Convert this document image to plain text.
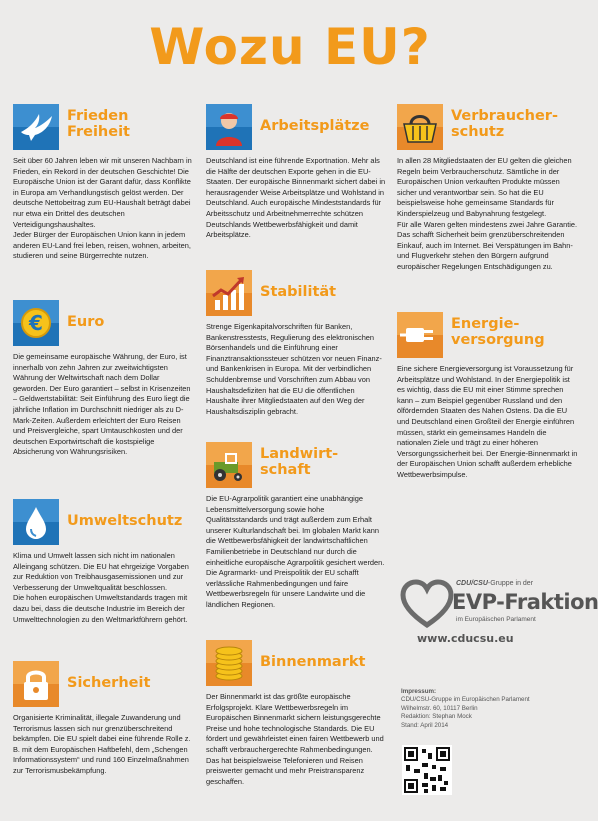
Wozu EU?
Frieden
Freiheit
Seit über 60 Jahren leben wir mit unseren Nachbarn in Frieden, ein Rekord in der deutschen Geschichte! Die Europäische Union ist der Garant dafür, dass Konflikte in Europa am Verhandlungstisch gelöst werden. Der deutsche Nettobeitrag zum EU-Haushalt beträgt dabei nur etwa ein Drittel des deutschen Verteidigungshaushaltes.
Jeder Bürger der Europäischen Union kann in jedem anderen EU-Land frei leben, reisen, wohnen, arbeiten, studieren und seine Bürgerrechte nutzen.
€ Euro
Die gemeinsame europäische Währung, der Euro, ist innerhalb von zehn Jahren zur zweitwichtigsten Währung der Weltwirtschaft nach dem Dollar geworden. Der Euro garantiert – selbst in Krisenzeiten – Geldwertstabilität: Seit Einführung des Euro liegt die jährliche Inflation im Durchschnitt niedriger als zu D-Mark-Zeiten. Außerdem erleichtert der Euro Reisen und Preisvergleiche, spart Umtauschkosten und der deutschen Exportwirtschaft die kostspielige Absicherung von Währungsrisiken.
Umweltschutz
Klima und Umwelt lassen sich nicht im nationalen Alleingang schützen. Die EU hat ehrgeizige Vorgaben zur Reduktion von Treibhausgasemissionen und zur Verbesserung der Umweltqualität beschlossen.
Die hohen europäischen Umweltstandards tragen mit dazu bei, dass die deutsche Industrie im Bereich der Umwelttechnologien zu den Weltmarktführern gehört.
Sicherheit
Organisierte Kriminalität, illegale Zuwanderung und Terrorismus lassen sich nur grenzüberschreitend bekämpfen. Die EU spielt dabei eine führende Rolle z. B. mit dem Europäischen Haftbefehl, dem „Schengen Informationssystem“ und rund 160 Einzelmaßnahmen zur Terrorismusbekämpfung.
Arbeitsplätze
Deutschland ist eine führende Exportnation. Mehr als die Hälfte der deutschen Exporte gehen in die EU-Staaten. Der europäische Binnenmarkt sichert dabei in herausragender Weise Arbeitsplätze und Wohlstand in Deutschland. Auch europäische Mindeststandards für Arbeitsschutz und Arbeitnehmerrechte schützen Deutschlands Wettbewerbsfähigkeit und damit Arbeitsplätze.
Stabilität
Strenge Eigenkapitalvorschriften für Banken, Bankenstresstests, Regulierung des elektronischen Börsenhandels und die Einführung einer Finanztransaktionssteuer schützen vor neuen Finanz- und Bankenkrisen in Europa. Mit der verbindlichen Schuldenbremse und Vorschriften zum Abbau von Haushaltsdefiziten hat die EU die öffentlichen Haushalte ihrer Mitgliedstaaten auf den Weg der Haushaltsdisziplin gebracht.
Landwirt-
schaft
Die EU-Agrarpolitik garantiert eine unabhängige Lebensmittelversorgung sowie hohe Qualitätsstandards und trägt außerdem zum Erhalt unserer Kulturlandschaft bei. Im globalen Markt kann die Wettbewerbsfähigkeit der landwirtschaftlichen Familienbetriebe in Deutschland nur durch die einheitliche europäische Agrarpolitik gesichert werden. Die Agrarmarkt- und Preispolitik der EU schafft verlässliche Rahmenbedingungen und faire Wettbewerbsregeln für unsere Landwirte und die ländlichen Regionen.
Binnenmarkt
Der Binnenmarkt ist das größte europäische Erfolgsprojekt. Klare Wettbewerbsregeln im Europäischen Binnenmarkt sichern leistungsgerechte Preise und hohe technologische Standards. Die EU fördert und gewährleistet einen fairen Wettbewerb und schafft verbrauchergerechte Rahmenbedingungen. Das hat beispielsweise Telefonieren und Reisen preiswerter gemacht und mehr Preistransparenz geschaffen.
Verbraucher-
schutz
In allen 28 Mitgliedstaaten der EU gelten die gleichen Regeln beim Verbraucherschutz. Sämtliche in der Europäischen Union verkauften Produkte müssen sicher und verantwortbar sein. So hat die EU beispielsweise hohe gemeinsame Standards für Kinderspielzeug und Babynahrung festgelegt.
Für alle Waren gelten mindestens zwei Jahre Garantie. Das schafft Sicherheit beim grenzüberschreitenden Einkauf, auch im Internet. Bei Verspätungen im Bahn- und Flugverkehr stehen den Bürgern aufgrund europäischer Regelungen Entschädigungen zu.
Energie-
versorgung
Eine sichere Energieversorgung ist Voraussetzung für Arbeitsplätze und Wohlstand. In der Energiepolitik ist es wichtig, dass die EU mit einer Stimme sprechen kann – zum Beispiel gegenüber Russland und den ölfördernden Staaten des Nahen Ostens. Da die EU und Deutschland einen Großteil der Energie einführen müssen, stärkt ein gemeinsames Handeln die nationalen Ziele und trägt zu einer höheren Versorgungssicherheit bei. Der Energie-Binnenmarkt in der Europäischen Union schafft außerdem erhebliche Wettbewerbsimpulse.
CDU/CSU-Gruppe in der
EVP-Fraktion
im Europäischen Parlament
www.cducsu.eu
Impressum:
CDU/CSU-Gruppe im Europäischen Parlament
Wilhelmstr. 60, 10117 Berlin
Redaktion: Stephan Mock
Stand: April 2014
